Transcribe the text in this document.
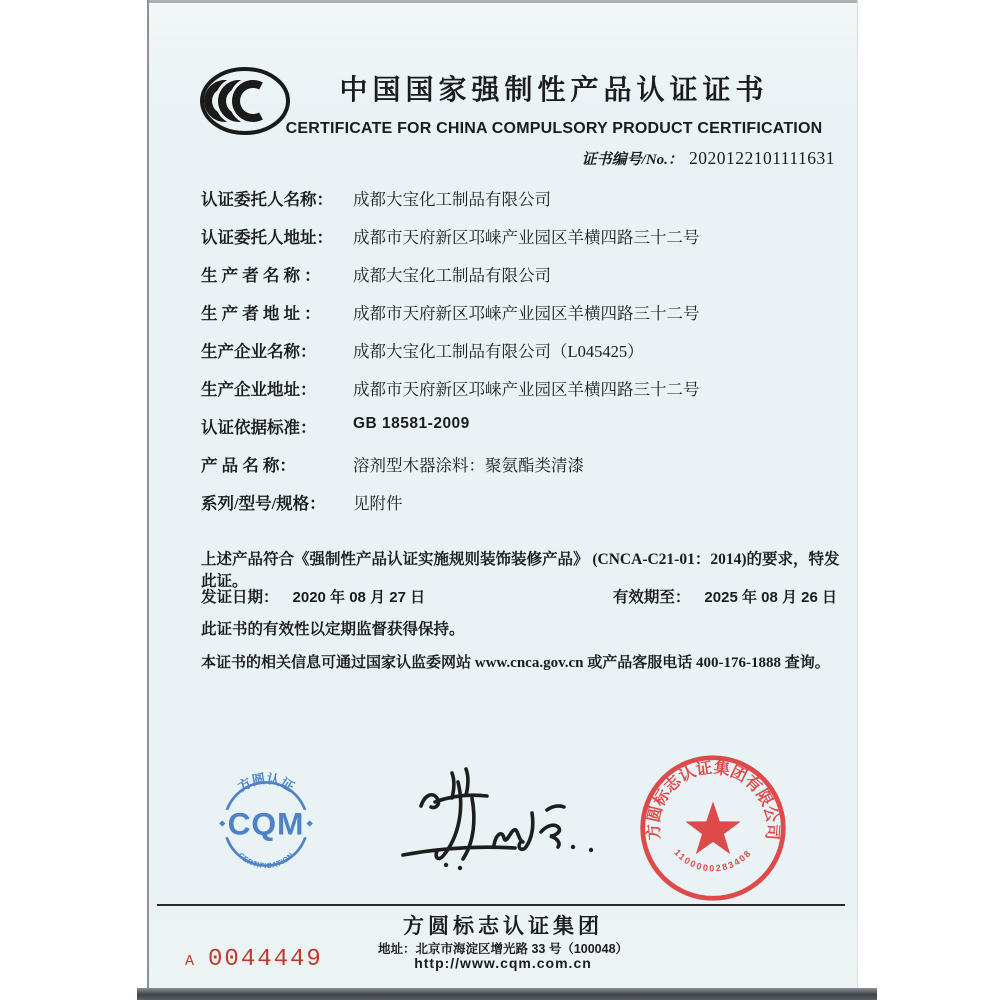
中国国家强制性产品认证证书
CERTIFICATE FOR CHINA COMPULSORY PRODUCT CERTIFICATION
证书编号/No.： 2020122101111631
认证委托人名称：	成都大宝化工制品有限公司
认证委托人地址：	成都市天府新区邛崃产业园区羊横四路三十二号
生 产 者 名 称 ：	成都大宝化工制品有限公司
生 产 者 地 址 ：	成都市天府新区邛崃产业园区羊横四路三十二号
生产企业名称：	成都大宝化工制品有限公司（L045425）
生产企业地址：	成都市天府新区邛崃产业园区羊横四路三十二号
认证依据标准：	GB 18581-2009
产 品 名 称：	溶剂型木器涂料：聚氨酯类清漆
系列/型号/规格：	见附件
上述产品符合《强制性产品认证实施规则装饰装修产品》 (CNCA-C21-01：2014)的要求，特发此证。
发证日期： 2020 年 08 月 27 日	有效期至： 2025 年 08 月 26 日
此证书的有效性以定期监督获得保持。
本证书的相关信息可通过国家认监委网站 www.cnca.gov.cn 或产品客服电话 400-176-1888 查询。
方圆认证
CQM
CERTIFICATION
方圆标志认证集团有限公司
1100000283408
方圆标志认证集团
地址：北京市海淀区增光路 33 号（100048）
http://www.cqm.com.cn
A 0044449
